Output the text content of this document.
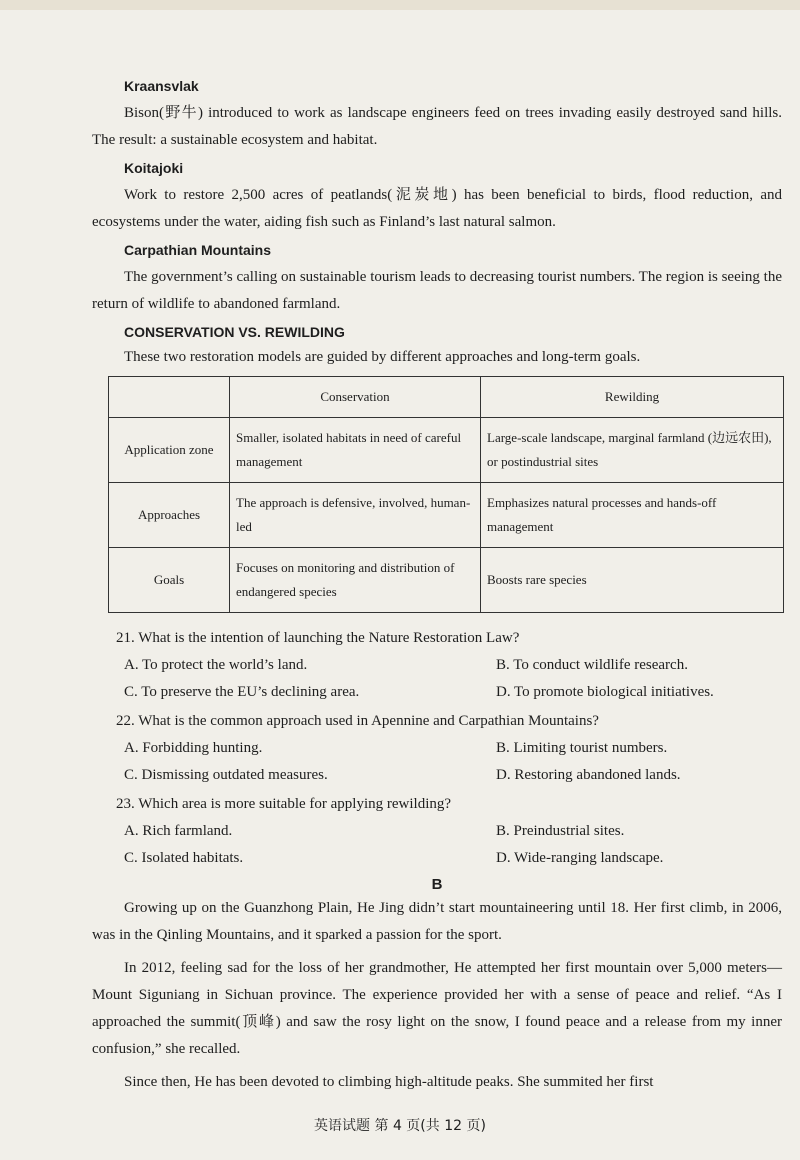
Kraansvlak

Bison(野牛) introduced to work as landscape engineers feed on trees invading easily destroyed sand hills. The result: a sustainable ecosystem and habitat.

Koitajoki

Work to restore 2,500 acres of peatlands(泥炭地) has been beneficial to birds, flood reduction, and ecosystems under the water, aiding fish such as Finland’s last natural salmon.

Carpathian Mountains

The government’s calling on sustainable tourism leads to decreasing tourist numbers. The region is seeing the return of wildlife to abandoned farmland.

CONSERVATION VS. REWILDING
These two restoration models are guided by different approaches and long-term goals.
	Conservation	Rewilding
Application zone	Smaller, isolated habitats in need of careful management	Large-scale landscape, marginal farmland (边远农田), or postindustrial sites
Approaches	The approach is defensive, involved, human-led	Emphasizes natural processes and hands-off management
Goals	Focuses on monitoring and distribution of endangered species	Boosts rare species
21. What is the intention of launching the Nature Restoration Law?
A. To protect the world’s land.	B. To conduct wildlife research.
C. To preserve the EU’s declining area.	D. To promote biological initiatives.
22. What is the common approach used in Apennine and Carpathian Mountains?
A. Forbidding hunting.	B. Limiting tourist numbers.
C. Dismissing outdated measures.	D. Restoring abandoned lands.
23. Which area is more suitable for applying rewilding?
A. Rich farmland.	B. Preindustrial sites.
C. Isolated habitats.	D. Wide-ranging landscape.
B

Growing up on the Guanzhong Plain, He Jing didn’t start mountaineering until 18. Her first climb, in 2006, was in the Qinling Mountains, and it sparked a passion for the sport.

In 2012, feeling sad for the loss of her grandmother, He attempted her first mountain over 5,000 meters—Mount Siguniang in Sichuan province. The experience provided her with a sense of peace and relief. “As I approached the summit(顶峰) and saw the rosy light on the snow, I found peace and a release from my inner confusion,” she recalled.

Since then, He has been devoted to climbing high-altitude peaks. She summited her first

英语试题 第 4 页(共 12 页)
